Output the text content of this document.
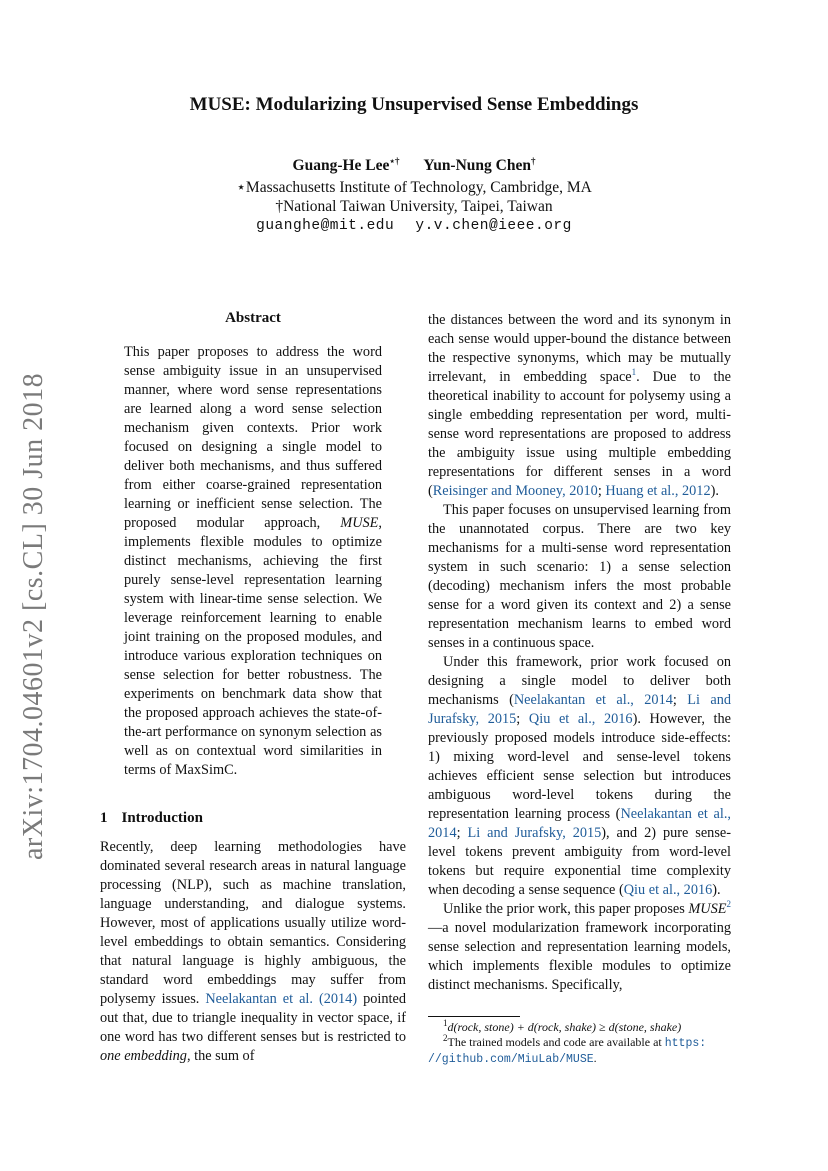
arXiv:1704.04601v2 [cs.CL] 30 Jun 2018
MUSE: Modularizing Unsupervised Sense Embeddings
Guang-He Lee⋆† Yun-Nung Chen†
⋆Massachusetts Institute of Technology, Cambridge, MA
†National Taiwan University, Taipei, Taiwan
guanghe@mit.edu y.v.chen@ieee.org
Abstract
This paper proposes to address the word sense ambiguity issue in an unsupervised manner, where word sense representations are learned along a word sense selection mechanism given contexts. Prior work focused on designing a single model to deliver both mechanisms, and thus suffered from either coarse-grained representation learning or inefficient sense selection. The proposed modular approach, MUSE, implements flexible modules to optimize distinct mechanisms, achieving the first purely sense-level representation learning system with linear-time sense selection. We leverage reinforcement learning to enable joint training on the proposed modules, and introduce various exploration techniques on sense selection for better robustness. The experiments on benchmark data show that the proposed approach achieves the state-of-the-art performance on synonym selection as well as on contextual word similarities in terms of MaxSimC.
1 Introduction

Recently, deep learning methodologies have dominated several research areas in natural language processing (NLP), such as machine translation, language understanding, and dialogue systems. However, most of applications usually utilize word-level embeddings to obtain semantics. Considering that natural language is highly ambiguous, the standard word embeddings may suffer from polysemy issues. Neelakantan et al. (2014) pointed out that, due to triangle inequality in vector space, if one word has two different senses but is restricted to one embedding, the sum of

the distances between the word and its synonym in each sense would upper-bound the distance between the respective synonyms, which may be mutually irrelevant, in embedding space$^1$. Due to the theoretical inability to account for polysemy using a single embedding representation per word, multi-sense word representations are proposed to address the ambiguity issue using multiple embedding representations for different senses in a word (Reisinger and Mooney, 2010; Huang et al., 2012).

This paper focuses on unsupervised learning from the unannotated corpus. There are two key mechanisms for a multi-sense word representation system in such scenario: 1) a sense selection (decoding) mechanism infers the most probable sense for a word given its context and 2) a sense representation mechanism learns to embed word senses in a continuous space.

Under this framework, prior work focused on designing a single model to deliver both mechanisms (Neelakantan et al., 2014; Li and Jurafsky, 2015; Qiu et al., 2016). However, the previously proposed models introduce side-effects: 1) mixing word-level and sense-level tokens achieves efficient sense selection but introduces ambiguous word-level tokens during the representation learning process (Neelakantan et al., 2014; Li and Jurafsky, 2015), and 2) pure sense-level tokens prevent ambiguity from word-level tokens but require exponential time complexity when decoding a sense sequence (Qiu et al., 2016).

Unlike the prior work, this paper proposes MUSE$^2$—a novel modularization framework incorporating sense selection and representation learning models, which implements flexible modules to optimize distinct mechanisms. Specifically,

$^1$d(rock, stone) + d(rock, shake) ≥ d(stone, shake)
$^2$The trained models and code are available at https:
//github.com/MiuLab/MUSE.
